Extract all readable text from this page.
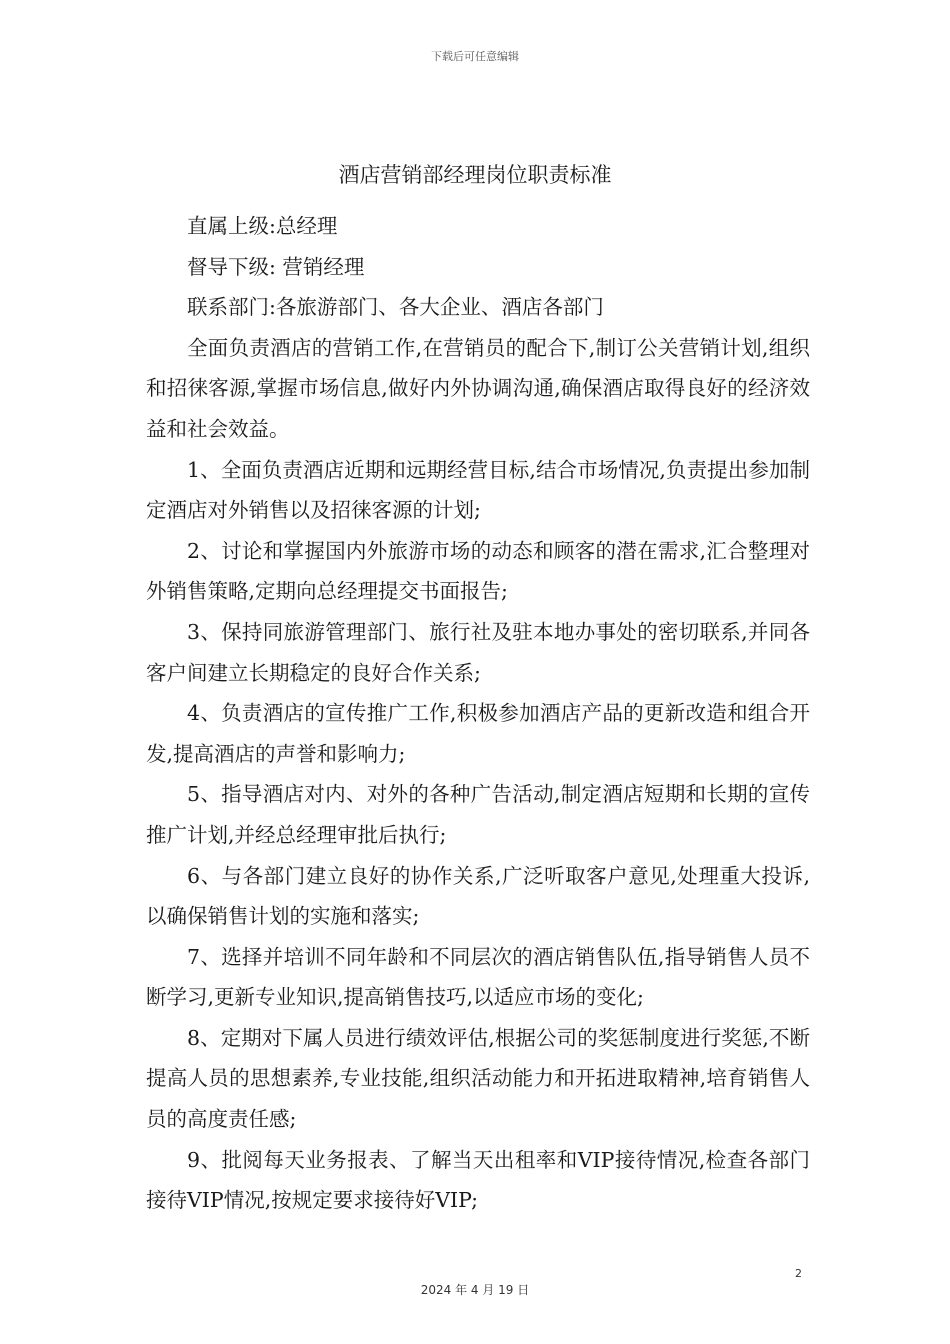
下载后可任意编辑
酒店营销部经理岗位职责标准

直属上级:总经理

督导下级: 营销经理

联系部门:各旅游部门、各大企业、酒店各部门

全面负责酒店的营销工作,在营销员的配合下,制订公关营销计划,组织和招徕客源,掌握市场信息,做好内外协调沟通,确保酒店取得良好的经济效益和社会效益。

1、全面负责酒店近期和远期经营目标,结合市场情况,负责提出参加制定酒店对外销售以及招徕客源的计划;

2、讨论和掌握国内外旅游市场的动态和顾客的潜在需求,汇合整理对外销售策略,定期向总经理提交书面报告;

3、保持同旅游管理部门、旅行社及驻本地办事处的密切联系,并同各客户间建立长期稳定的良好合作关系;

4、负责酒店的宣传推广工作,积极参加酒店产品的更新改造和组合开发,提高酒店的声誉和影响力;

5、指导酒店对内、对外的各种广告活动,制定酒店短期和长期的宣传推广计划,并经总经理审批后执行;

6、与各部门建立良好的协作关系,广泛听取客户意见,处理重大投诉,以确保销售计划的实施和落实;

7、选择并培训不同年龄和不同层次的酒店销售队伍,指导销售人员不断学习,更新专业知识,提高销售技巧,以适应市场的变化;

8、定期对下属人员进行绩效评估,根据公司的奖惩制度进行奖惩,不断提高人员的思想素养,专业技能,组织活动能力和开拓进取精神,培育销售人员的高度责任感;

9、批阅每天业务报表、了解当天出租率和VIP接待情况,检查各部门接待VIP情况,按规定要求接待好VIP;

2
2024 年 4 月 19 日
